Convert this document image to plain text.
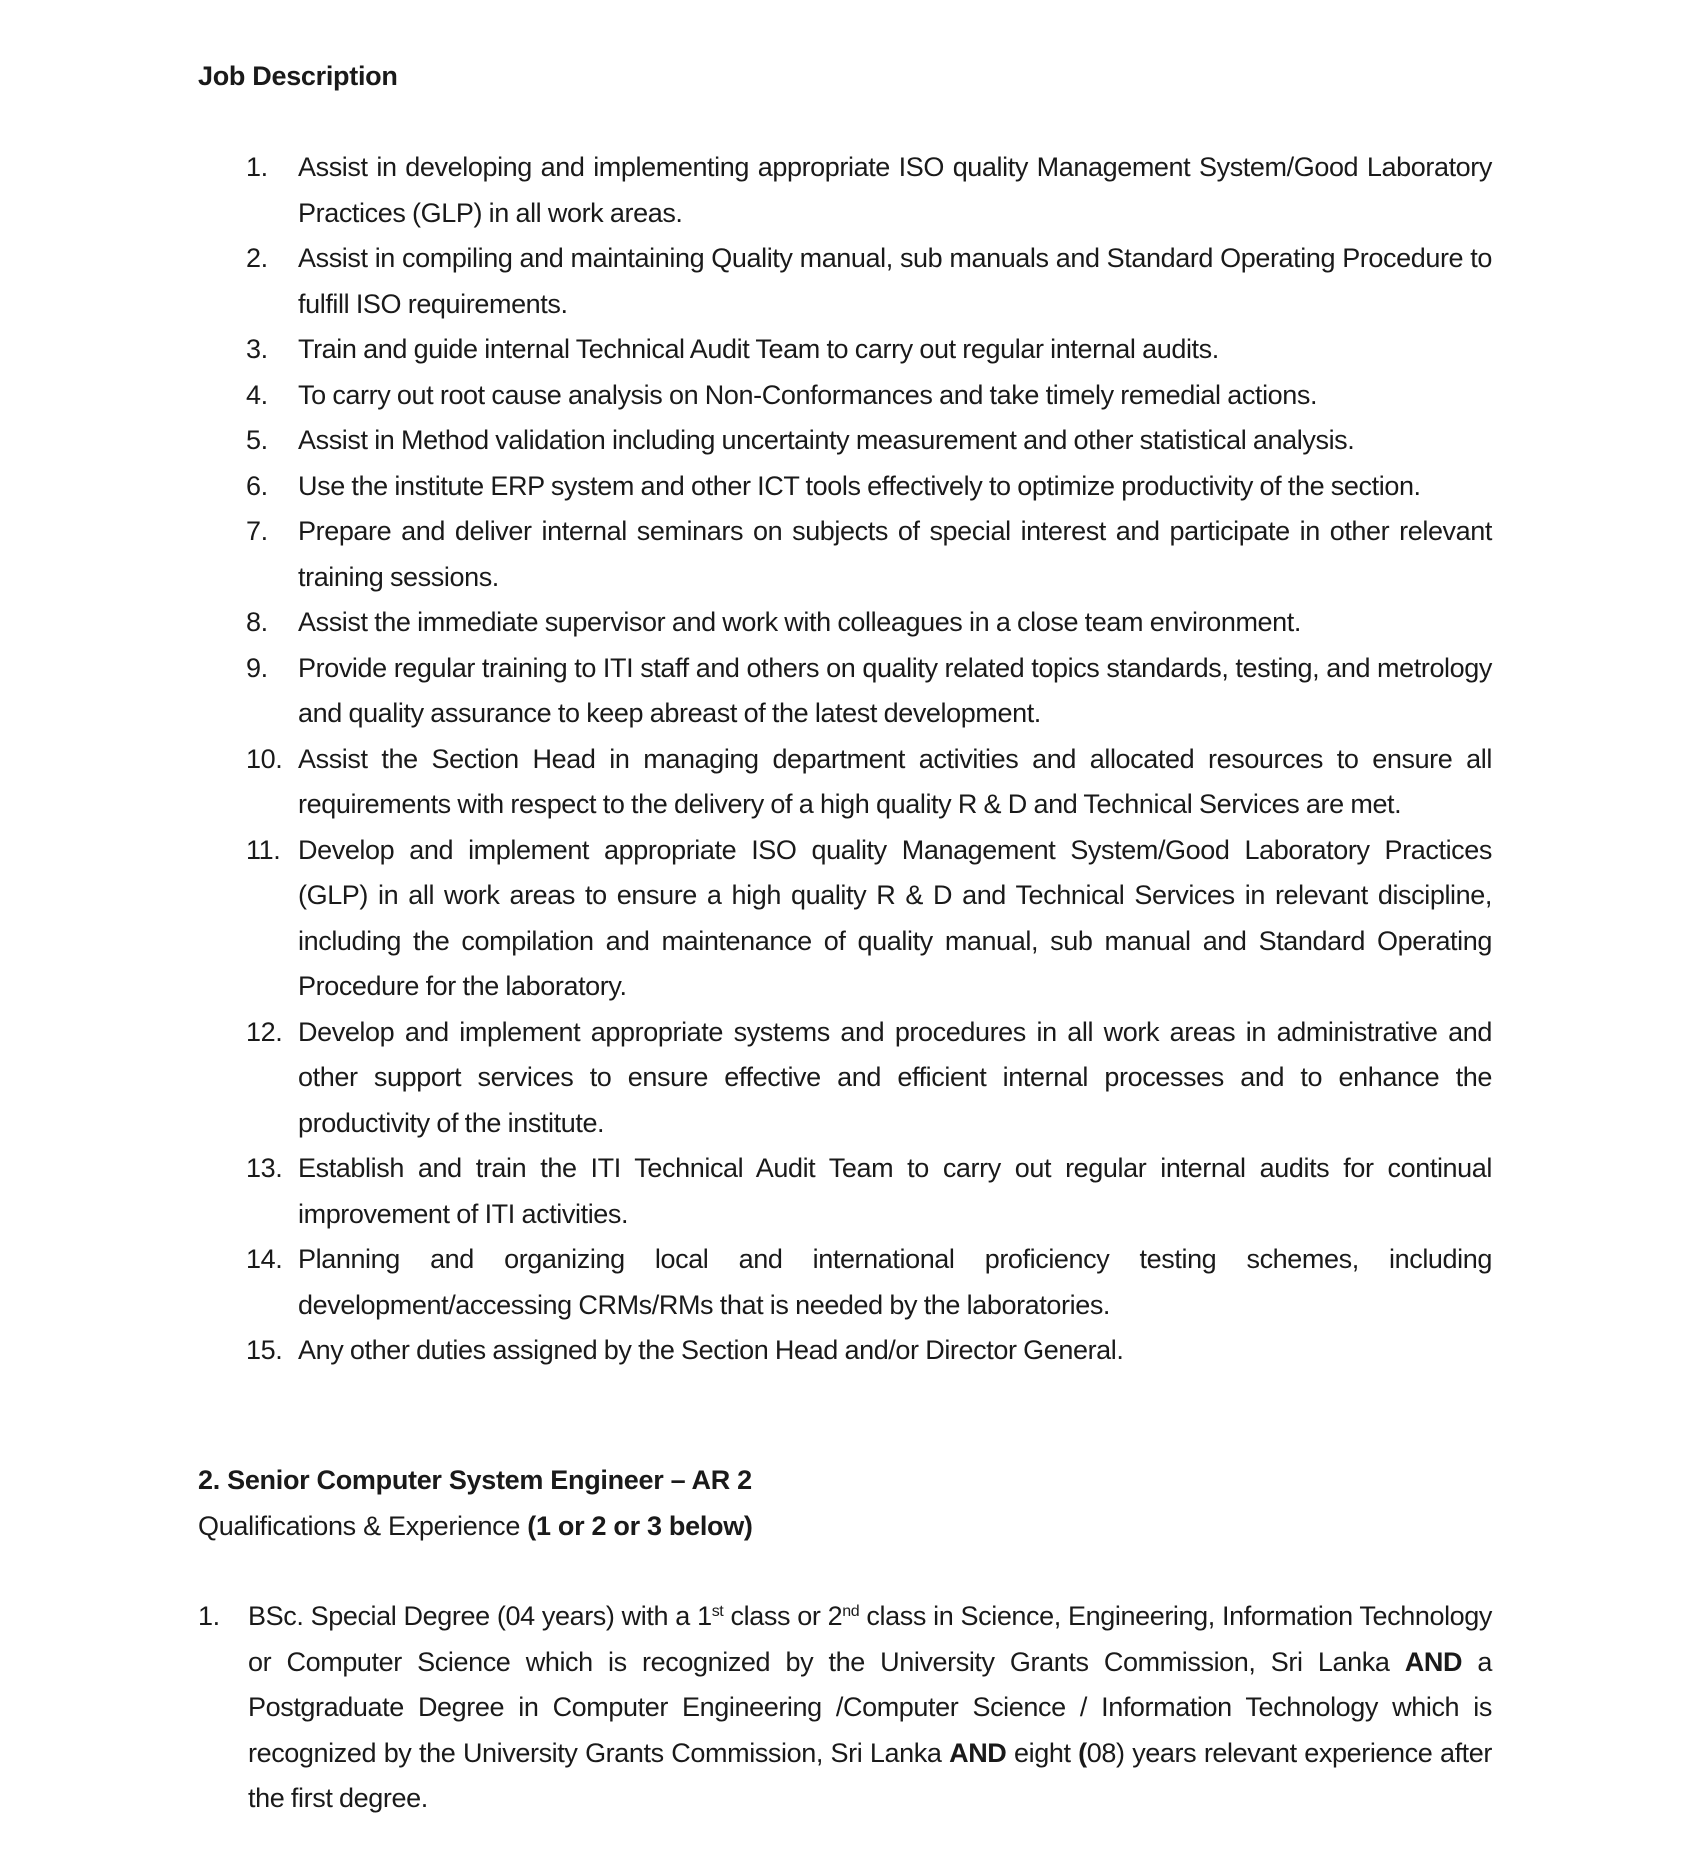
Job Description
1.	Assist in developing and implementing appropriate ISO quality Management System/Good Laboratory Practices (GLP) in all work areas.
2.	Assist in compiling and maintaining Quality manual, sub manuals and Standard Operating Procedure to fulfill ISO requirements.
3.	Train and guide internal Technical Audit Team to carry out regular internal audits.
4.	To carry out root cause analysis on Non-Conformances and take timely remedial actions.
5.	Assist in Method validation including uncertainty measurement and other statistical analysis.
6.	Use the institute ERP system and other ICT tools effectively to optimize productivity of the section.
7.	Prepare and deliver internal seminars on subjects of special interest and participate in other relevant training sessions.
8.	Assist the immediate supervisor and work with colleagues in a close team environment.
9.	Provide regular training to ITI staff and others on quality related topics standards, testing, and metrology and quality assurance to keep abreast of the latest development.
10. Assist the Section Head in managing department activities and allocated resources to ensure all requirements with respect to the delivery of a high quality R & D and Technical Services are met.
11. Develop and implement appropriate ISO quality Management System/Good Laboratory Practices (GLP) in all work areas to ensure a high quality R & D and Technical Services in relevant discipline, including the compilation and maintenance of quality manual, sub manual and Standard Operating Procedure for the laboratory.
12. Develop and implement appropriate systems and procedures in all work areas in administrative and other support services to ensure effective and efficient internal processes and to enhance the productivity of the institute.
13. Establish and train the ITI Technical Audit Team to carry out regular internal audits for continual improvement of ITI activities.
14. Planning and organizing local and international proficiency testing schemes, including development/accessing CRMs/RMs that is needed by the laboratories.
15. Any other duties assigned by the Section Head and/or Director General.
2. Senior Computer System Engineer – AR 2
Qualifications & Experience (1 or 2 or 3 below)
1. BSc. Special Degree (04 years) with a 1st class or 2nd class in Science, Engineering, Information Technology or Computer Science which is recognized by the University Grants Commission, Sri Lanka AND a Postgraduate Degree in Computer Engineering /Computer Science / Information Technology which is recognized by the University Grants Commission, Sri Lanka AND eight (08) years relevant experience after the first degree.
